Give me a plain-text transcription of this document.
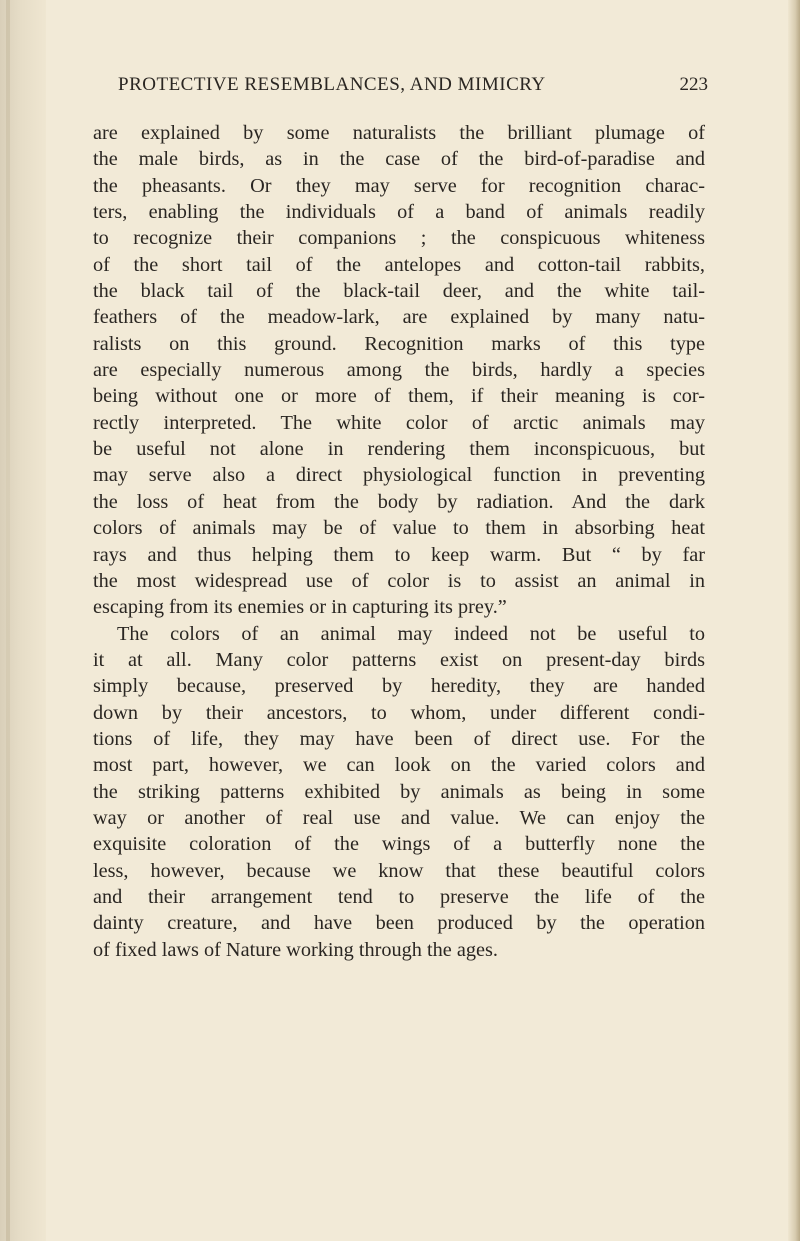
PROTECTIVE RESEMBLANCES, AND MIMICRY	223
are explained by some naturalists the brilliant plumage of
the male birds, as in the case of the bird-of-paradise and
the pheasants. Or they may serve for recognition charac-
ters, enabling the individuals of a band of animals readily
to recognize their companions ; the conspicuous whiteness
of the short tail of the antelopes and cotton-tail rabbits,
the black tail of the black-tail deer, and the white tail-
feathers of the meadow-lark, are explained by many natu-
ralists on this ground. Recognition marks of this type
are especially numerous among the birds, hardly a species
being without one or more of them, if their meaning is cor-
rectly interpreted. The white color of arctic animals may
be useful not alone in rendering them inconspicuous, but
may serve also a direct physiological function in preventing
the loss of heat from the body by radiation. And the dark
colors of animals may be of value to them in absorbing heat
rays and thus helping them to keep warm. But “ by far
the most widespread use of color is to assist an animal in
escaping from its enemies or in capturing its prey.”
The colors of an animal may indeed not be useful to
it at all. Many color patterns exist on present-day birds
simply because, preserved by heredity, they are handed
down by their ancestors, to whom, under different condi-
tions of life, they may have been of direct use. For the
most part, however, we can look on the varied colors and
the striking patterns exhibited by animals as being in some
way or another of real use and value. We can enjoy the
exquisite coloration of the wings of a butterfly none the
less, however, because we know that these beautiful colors
and their arrangement tend to preserve the life of the
dainty creature, and have been produced by the operation
of fixed laws of Nature working through the ages.
